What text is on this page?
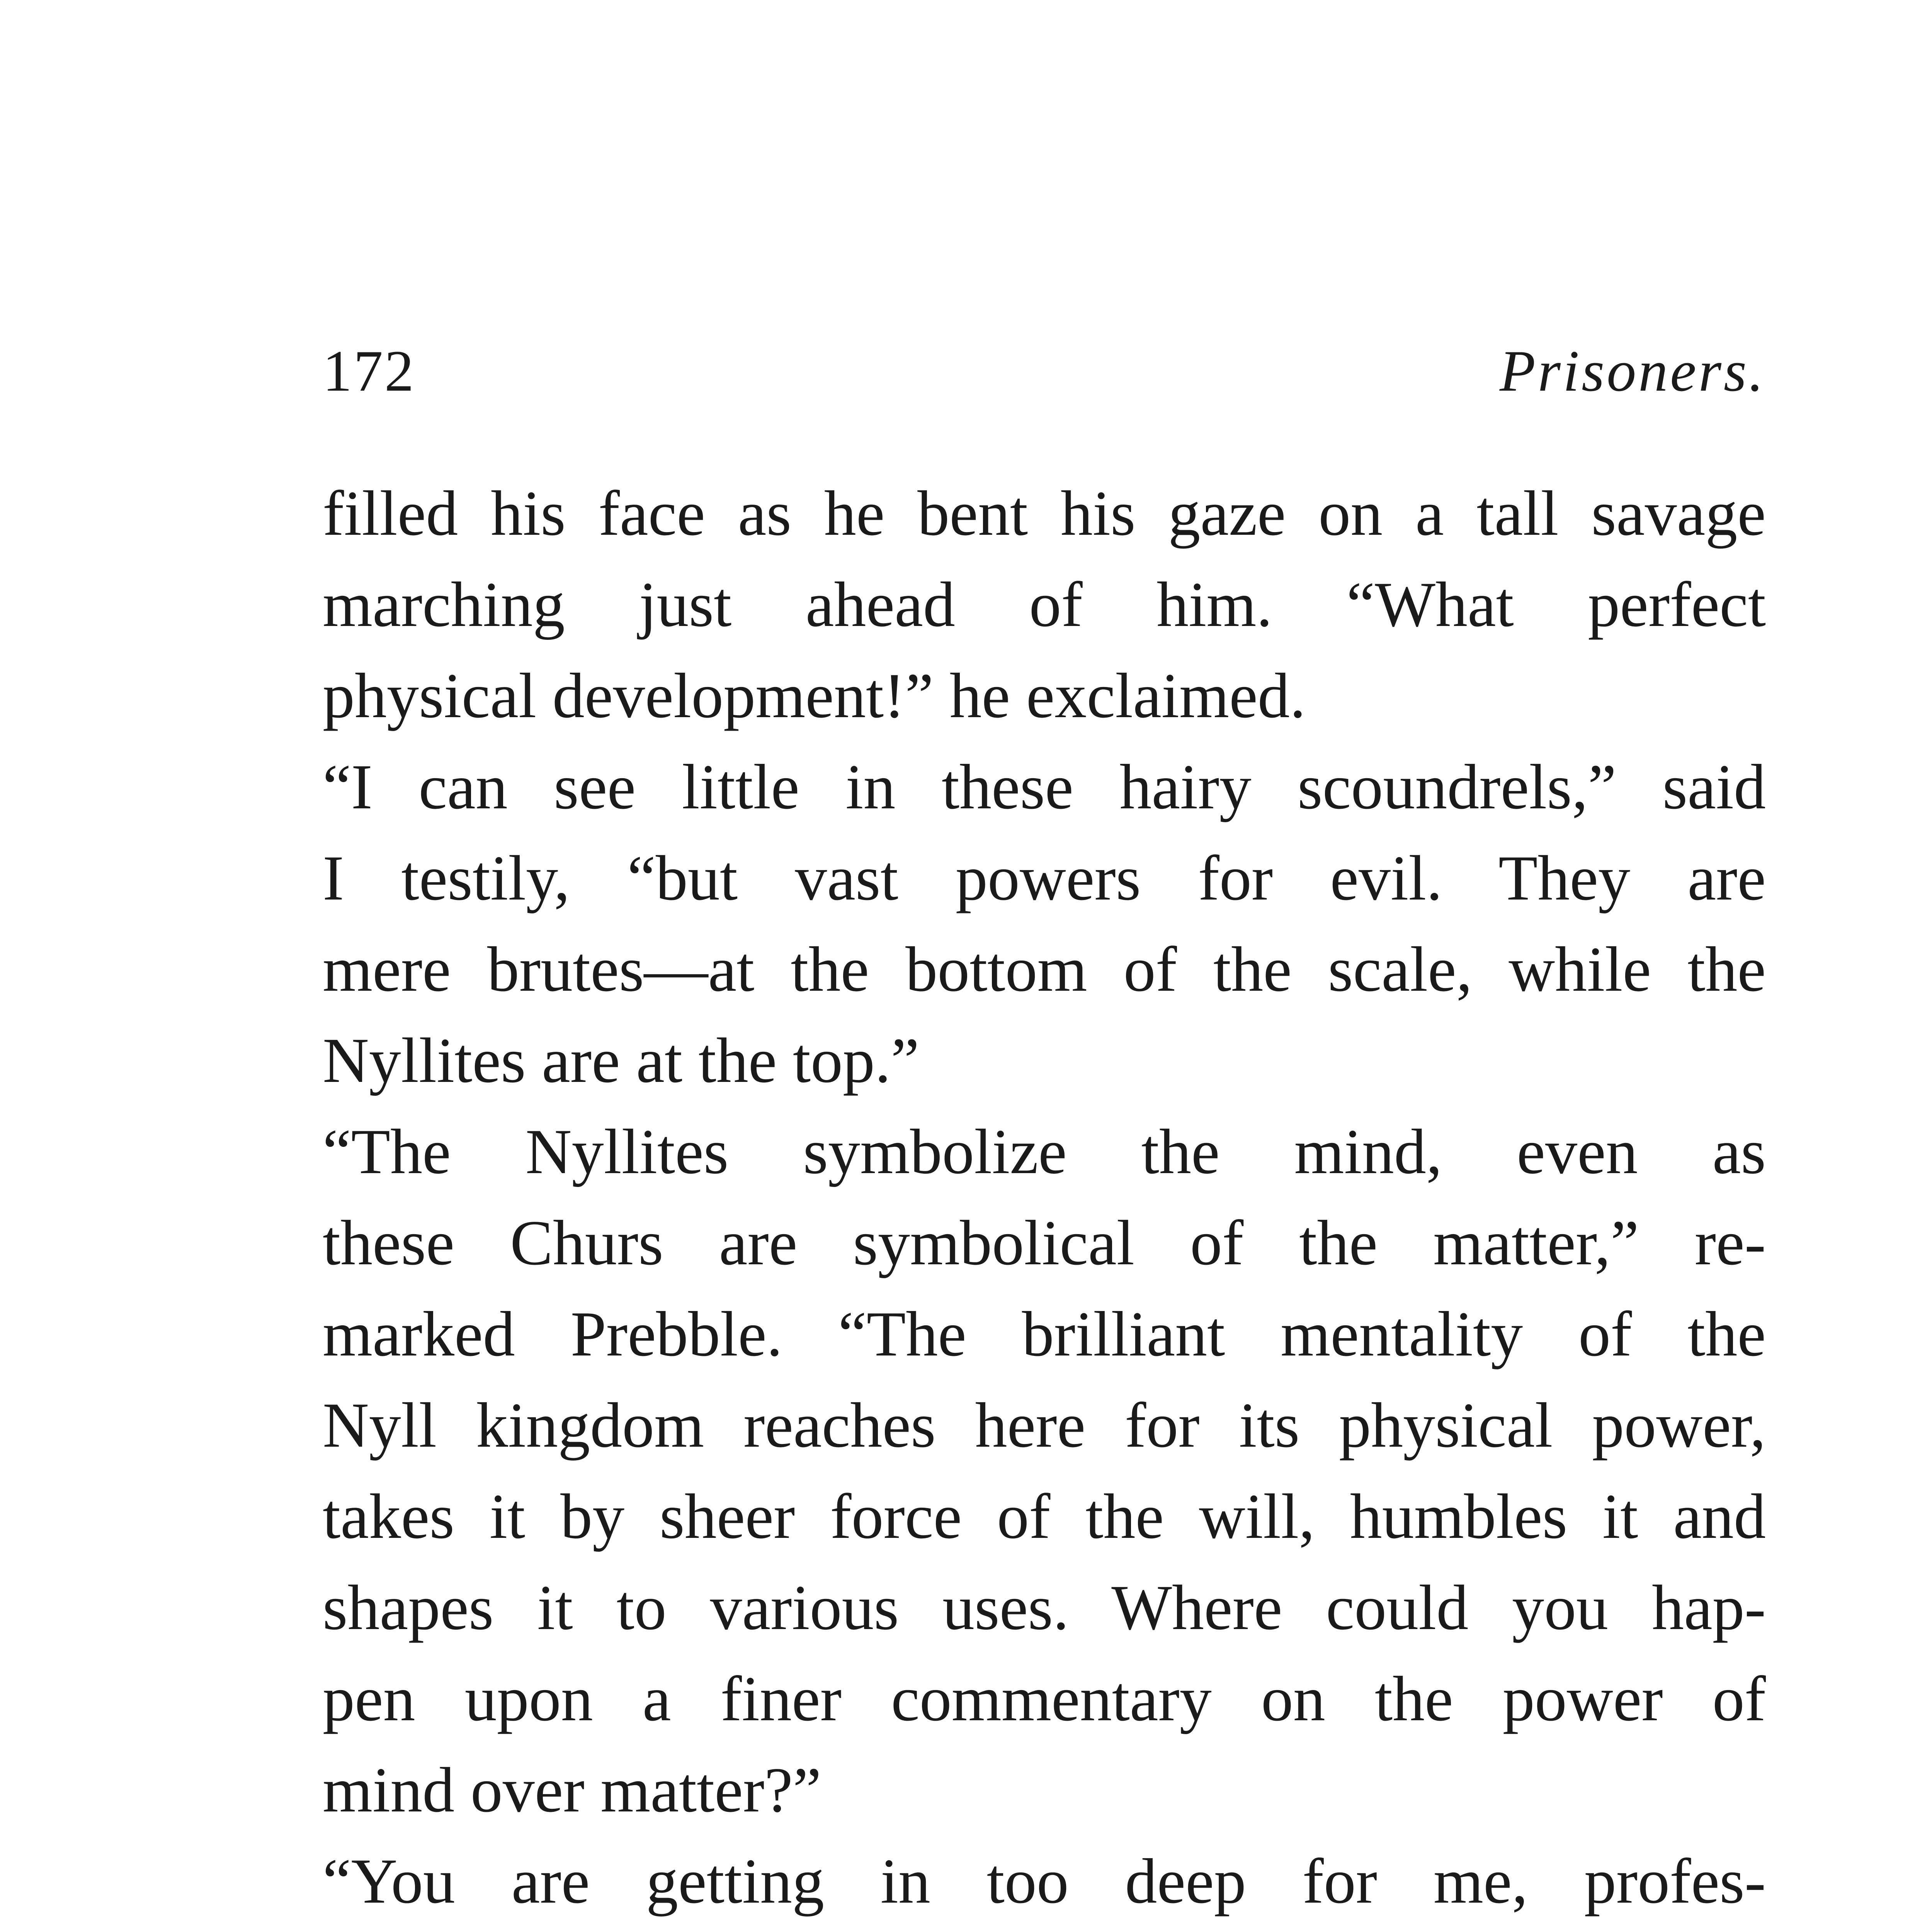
172	Prisoners.
filled his face as he bent his gaze on a tall savage
marching just ahead of him. “What perfect
physical development!” he exclaimed.
“I can see little in these hairy scoundrels,” said
I testily, “but vast powers for evil. They are
mere brutes—at the bottom of the scale, while the
Nyllites are at the top.”
“The Nyllites symbolize the mind, even as
these Churs are symbolical of the matter,” re-
marked Prebble. “The brilliant mentality of the
Nyll kingdom reaches here for its physical power,
takes it by sheer force of the will, humbles it and
shapes it to various uses. Where could you hap-
pen upon a finer commentary on the power of
mind over matter?”
“You are getting in too deep for me, profes-
